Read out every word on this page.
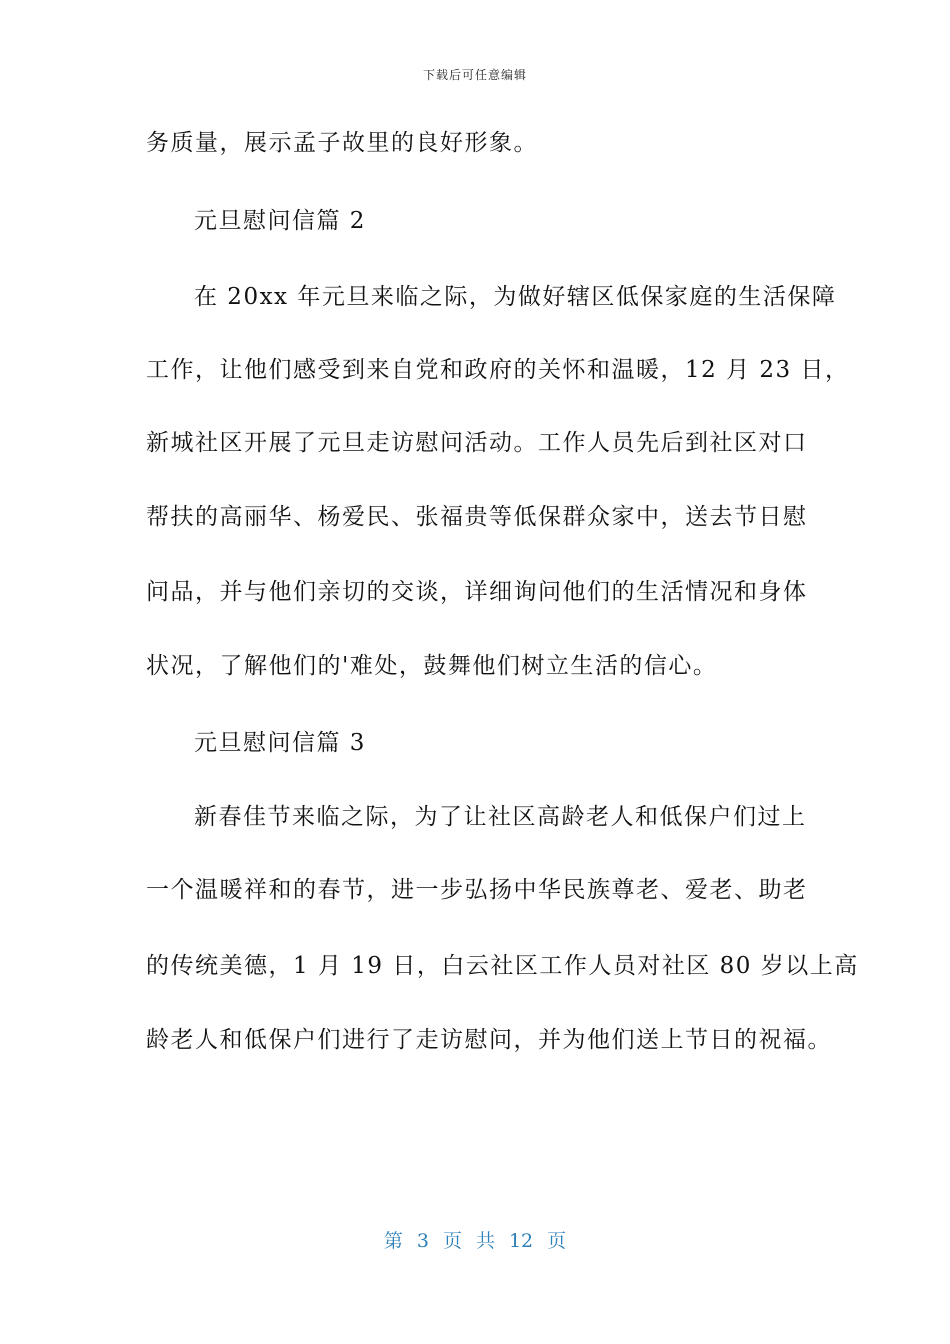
下载后可任意编辑
务质量，展示孟子故里的良好形象。
元旦慰问信篇 2
在 20xx 年元旦来临之际，为做好辖区低保家庭的生活保障
工作，让他们感受到来自党和政府的关怀和温暖，12 月 23 日，
新城社区开展了元旦走访慰问活动。工作人员先后到社区对口
帮扶的高丽华、杨爱民、张福贵等低保群众家中，送去节日慰
问品，并与他们亲切的交谈，详细询问他们的生活情况和身体
状况，了解他们的'难处，鼓舞他们树立生活的信心。
元旦慰问信篇 3
新春佳节来临之际，为了让社区高龄老人和低保户们过上
一个温暖祥和的春节，进一步弘扬中华民族尊老、爱老、助老
的传统美德，1 月 19 日，白云社区工作人员对社区 80 岁以上高
龄老人和低保户们进行了走访慰问，并为他们送上节日的祝福。
第 3 页 共 12 页
